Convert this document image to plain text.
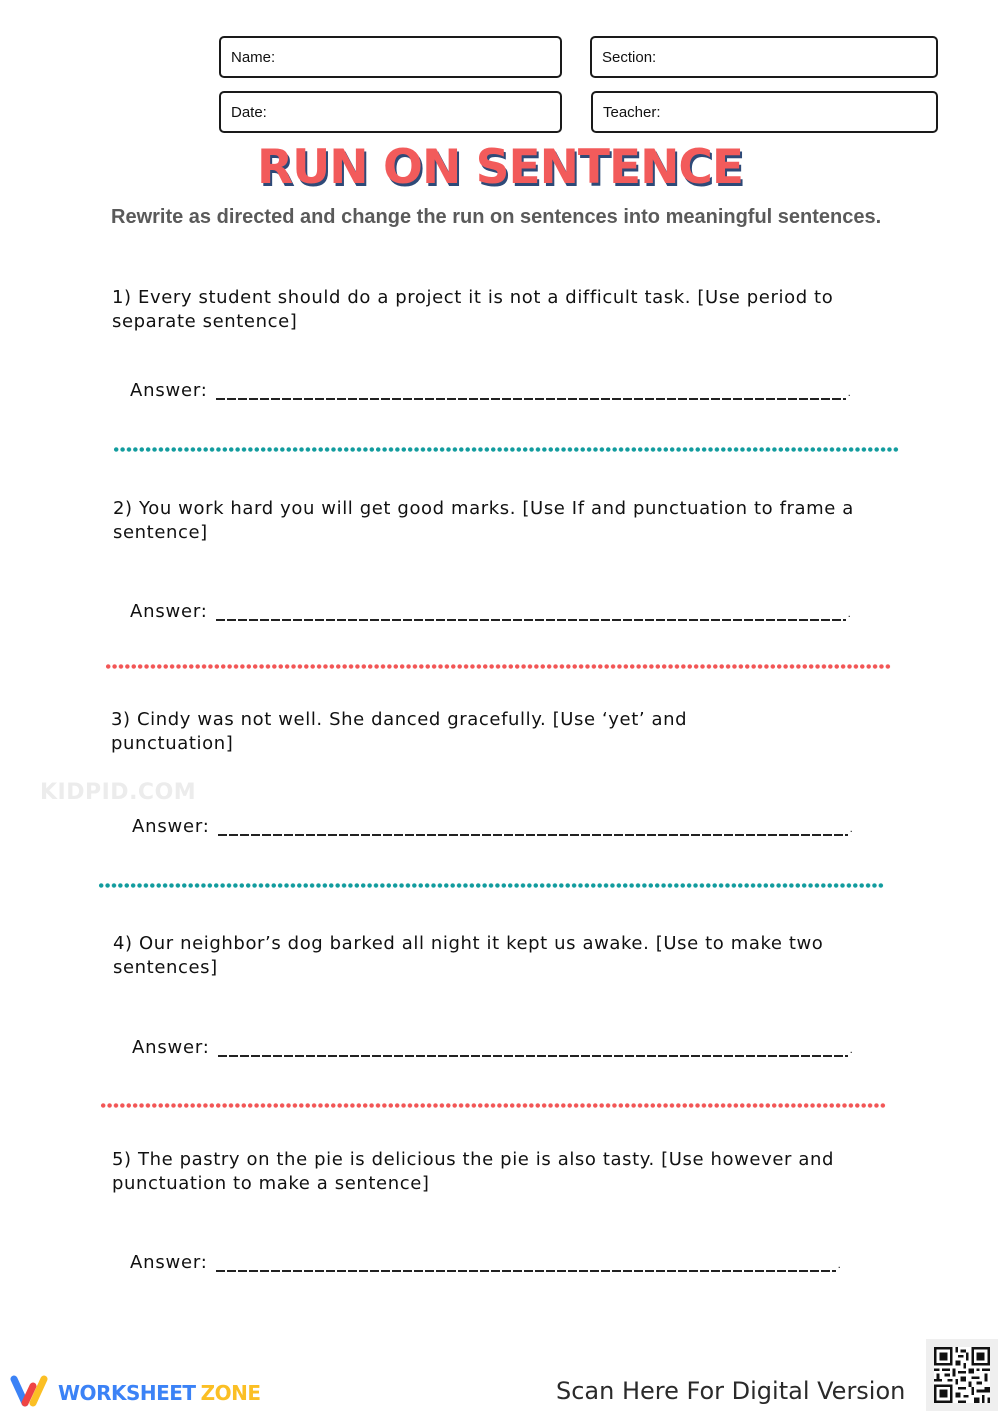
Name:	Section:
Date:	Teacher:
RUN ON SENTENCE
Rewrite as directed and change the run on sentences into meaningful sentences.
1) Every student should do a project it is not a difficult task. [Use period to separate sentence]
Answer:	.
2) You work hard you will get good marks. [Use If and punctuation to frame a sentence]
Answer:	.
3) Cindy was not well. She danced gracefully. [Use ‘yet’ and punctuation]
KIDPID.COM
Answer:	.
4) Our neighbor’s dog barked all night it kept us awake. [Use to make two sentences]
Answer:	.
5) The pastry on the pie is delicious the pie is also tasty. [Use however and punctuation to make a sentence]
Answer:	.
WORKSHEET ZONE	Scan Here For Digital Version
